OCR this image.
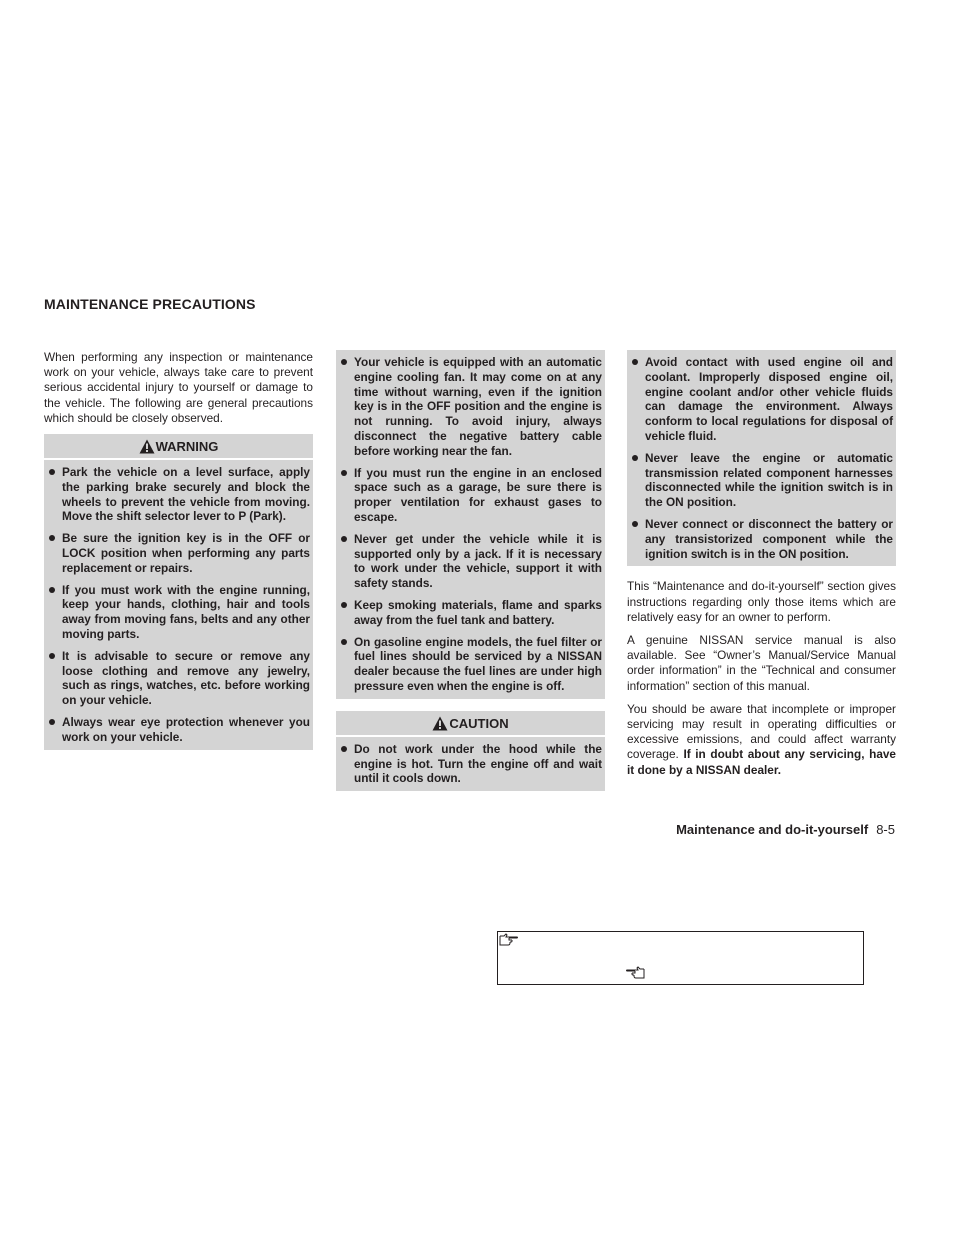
MAINTENANCE PRECAUTIONS

When performing any inspection or maintenance work on your vehicle, always take care to prevent serious accidental injury to yourself or damage to the vehicle. The following are general precautions which should be closely observed.

WARNING
Park the vehicle on a level surface, apply the parking brake securely and block the wheels to prevent the vehicle from moving. Move the shift selector lever to P (Park).
Be sure the ignition key is in the OFF or LOCK position when performing any parts replacement or repairs.
If you must work with the engine running, keep your hands, clothing, hair and tools away from moving fans, belts and any other moving parts.
It is advisable to secure or remove any loose clothing and remove any jewelry, such as rings, watches, etc. before working on your vehicle.
Always wear eye protection whenever you work on your vehicle.
Your vehicle is equipped with an automatic engine cooling fan. It may come on at any time without warning, even if the ignition key is in the OFF position and the engine is not running. To avoid injury, always disconnect the negative battery cable before working near the fan.
If you must run the engine in an enclosed space such as a garage, be sure there is proper ventilation for exhaust gases to escape.
Never get under the vehicle while it is supported only by a jack. If it is necessary to work under the vehicle, support it with safety stands.
Keep smoking materials, flame and sparks away from the fuel tank and battery.
On gasoline engine models, the fuel filter or fuel lines should be serviced by a NISSAN dealer because the fuel lines are under high pressure even when the engine is off.
CAUTION
Do not work under the hood while the engine is hot. Turn the engine off and wait until it cools down.
Avoid contact with used engine oil and coolant. Improperly disposed engine oil, engine coolant and/or other vehicle fluids can damage the environment. Always conform to local regulations for disposal of vehicle fluid.
Never leave the engine or automatic transmission related component harnesses disconnected while the ignition switch is in the ON position.
Never connect or disconnect the battery or any transistorized component while the ignition switch is in the ON position.

This “Maintenance and do-it-yourself” section gives instructions regarding only those items which are relatively easy for an owner to perform.

A genuine NISSAN service manual is also available. See “Owner’s Manual/Service Manual order information” in the “Technical and consumer information” section of this manual.

You should be aware that incomplete or improper servicing may result in operating difficulties or excessive emissions, and could affect warranty coverage. If in doubt about any servicing, have it done by a NISSAN dealer.

Maintenance and do-it-yourself 8-5
